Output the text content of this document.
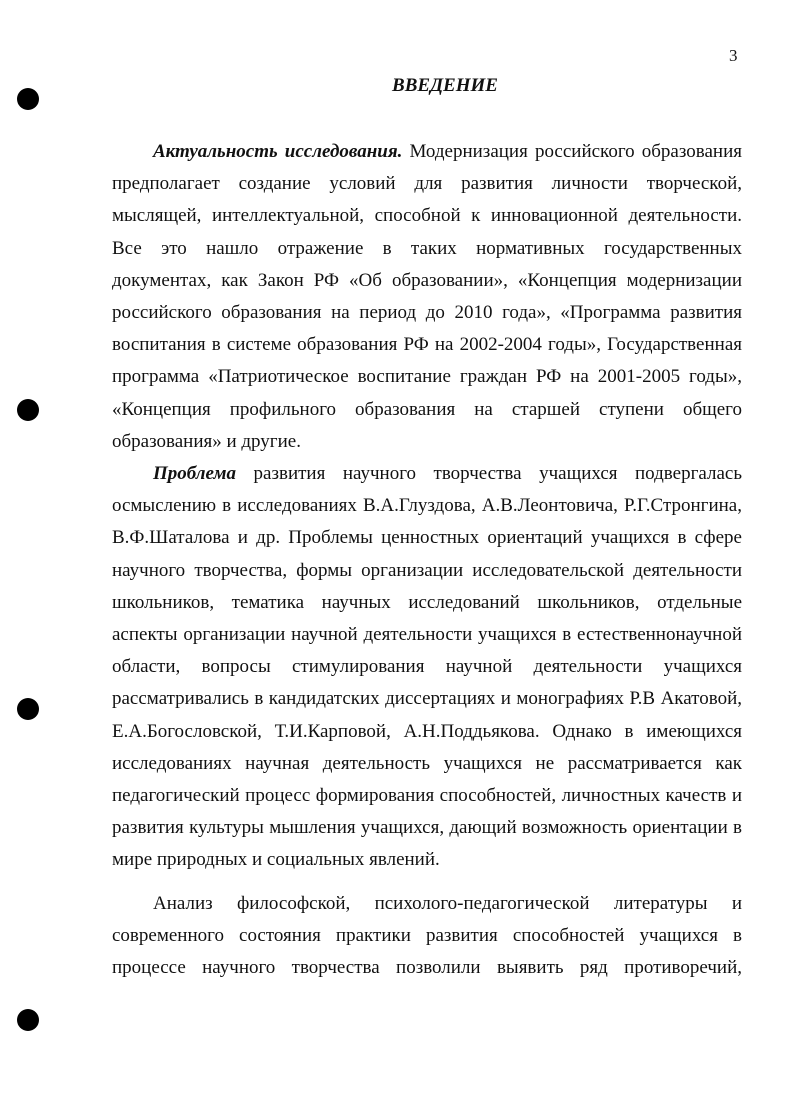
3
ВВЕДЕНИЕ
Актуальность исследования. Модернизация российского образования
предполагает создание условий для развития личности творческой,
мыслящей, интеллектуальной, способной к инновационной деятельности.
Все это нашло отражение в таких нормативных государственных
документах, как Закон РФ «Об образовании», «Концепция модернизации
российского образования на период до 2010 года», «Программа развития
воспитания в системе образования РФ на 2002-2004 годы», Государственная
программа «Патриотическое воспитание граждан РФ на 2001-2005 годы»,
«Концепция профильного образования на старшей ступени общего
образования» и другие.
Проблема развития научного творчества учащихся подвергалась
осмыслению в исследованиях В.А.Глуздова, А.В.Леонтовича, Р.Г.Стронгина,
В.Ф.Шаталова и др. Проблемы ценностных ориентаций учащихся в сфере
научного творчества, формы организации исследовательской деятельности
школьников, тематика научных исследований школьников, отдельные
аспекты организации научной деятельности учащихся в естественнонаучной
области, вопросы стимулирования научной деятельности учащихся
рассматривались в кандидатских диссертациях и монографиях Р.В Акатовой,
Е.А.Богословской, Т.И.Карповой, А.Н.Поддьякова. Однако в имеющихся
исследованиях научная деятельность учащихся не рассматривается как
педагогический процесс формирования способностей, личностных качеств и
развития культуры мышления учащихся, дающий возможность ориентации в
мире природных и социальных явлений.
Анализ философской, психолого-педагогической литературы и
современного состояния практики развития способностей учащихся в
процессе научного творчества позволили выявить ряд противоречий,
